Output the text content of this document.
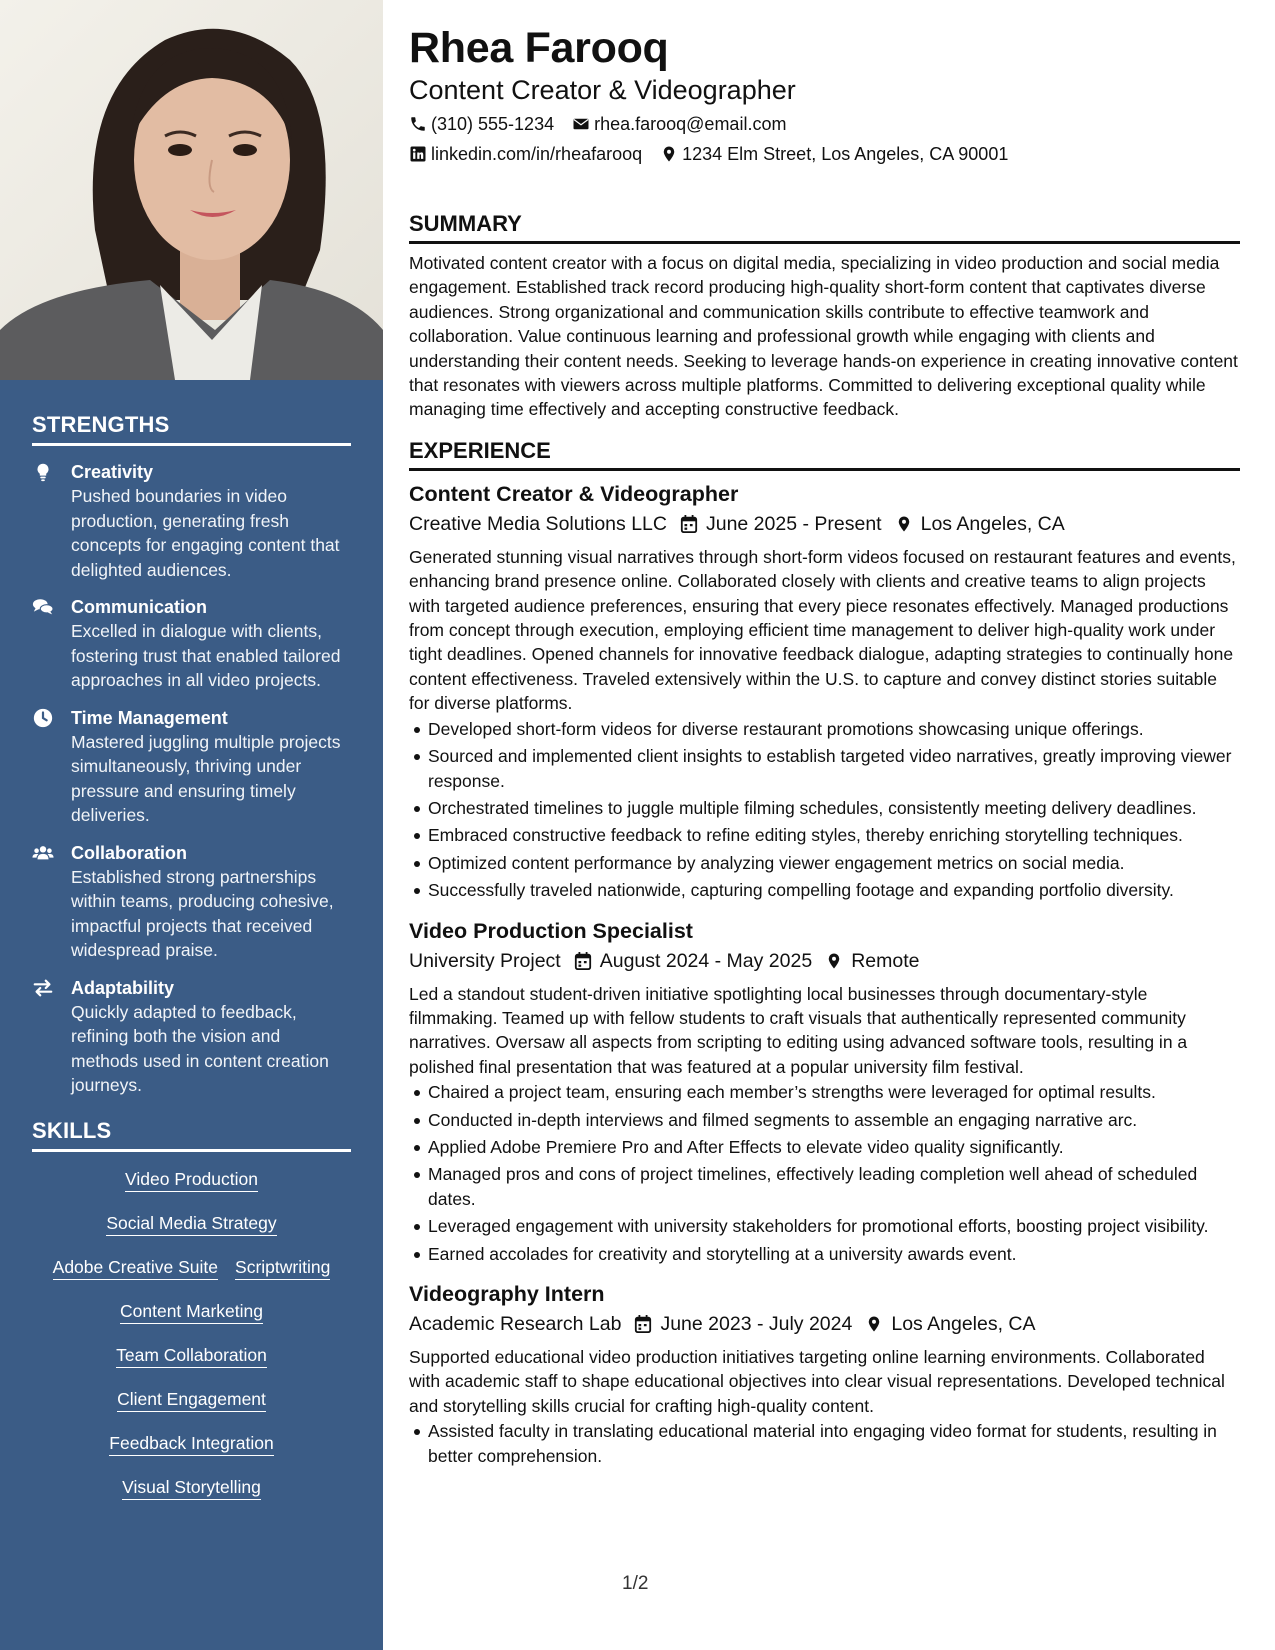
STRENGTHS
Creativity
Pushed boundaries in video production, generating fresh concepts for engaging content that delighted audiences.
Communication
Excelled in dialogue with clients, fostering trust that enabled tailored approaches in all video projects.
Time Management
Mastered juggling multiple projects simultaneously, thriving under pressure and ensuring timely deliveries.
Collaboration
Established strong partnerships within teams, producing cohesive, impactful projects that received widespread praise.
Adaptability
Quickly adapted to feedback, refining both the vision and methods used in content creation journeys.
SKILLS
Video Production
Social Media Strategy
Adobe Creative Suite Scriptwriting
Content Marketing
Team Collaboration
Client Engagement
Feedback Integration
Visual Storytelling
Rhea Farooq
Content Creator & Videographer
(310) 555-1234 rhea.farooq@email.com
linkedin.com/in/rheafarooq 1234 Elm Street, Los Angeles, CA 90001
SUMMARY

Motivated content creator with a focus on digital media, specializing in video production and social media engagement. Established track record producing high-quality short-form content that captivates diverse audiences. Strong organizational and communication skills contribute to effective teamwork and collaboration. Value continuous learning and professional growth while engaging with clients and understanding their content needs. Seeking to leverage hands-on experience in creating innovative content that resonates with viewers across multiple platforms. Committed to delivering exceptional quality while managing time effectively and accepting constructive feedback.

EXPERIENCE
Content Creator & Videographer
Creative Media Solutions LLC June 2025 - Present Los Angeles, CA

Generated stunning visual narratives through short-form videos focused on restaurant features and events, enhancing brand presence online. Collaborated closely with clients and creative teams to align projects with targeted audience preferences, ensuring that every piece resonates effectively. Managed productions from concept through execution, employing efficient time management to deliver high-quality work under tight deadlines. Opened channels for innovative feedback dialogue, adapting strategies to continually hone content effectiveness. Traveled extensively within the U.S. to capture and convey distinct stories suitable for diverse platforms.

Developed short-form videos for diverse restaurant promotions showcasing unique offerings.
Sourced and implemented client insights to establish targeted video narratives, greatly improving viewer response.
Orchestrated timelines to juggle multiple filming schedules, consistently meeting delivery deadlines.
Embraced constructive feedback to refine editing styles, thereby enriching storytelling techniques.
Optimized content performance by analyzing viewer engagement metrics on social media.
Successfully traveled nationwide, capturing compelling footage and expanding portfolio diversity.
Video Production Specialist
University Project August 2024 - May 2025 Remote

Led a standout student-driven initiative spotlighting local businesses through documentary-style filmmaking. Teamed up with fellow students to craft visuals that authentically represented community narratives. Oversaw all aspects from scripting to editing using advanced software tools, resulting in a polished final presentation that was featured at a popular university film festival.

Chaired a project team, ensuring each member’s strengths were leveraged for optimal results.
Conducted in-depth interviews and filmed segments to assemble an engaging narrative arc.
Applied Adobe Premiere Pro and After Effects to elevate video quality significantly.
Managed pros and cons of project timelines, effectively leading completion well ahead of scheduled dates.
Leveraged engagement with university stakeholders for promotional efforts, boosting project visibility.
Earned accolades for creativity and storytelling at a university awards event.
Videography Intern
Academic Research Lab June 2023 - July 2024 Los Angeles, CA

Supported educational video production initiatives targeting online learning environments. Collaborated with academic staff to shape educational objectives into clear visual representations. Developed technical and storytelling skills crucial for crafting high-quality content.

Assisted faculty in translating educational material into engaging video format for students, resulting in better comprehension.
1/2
